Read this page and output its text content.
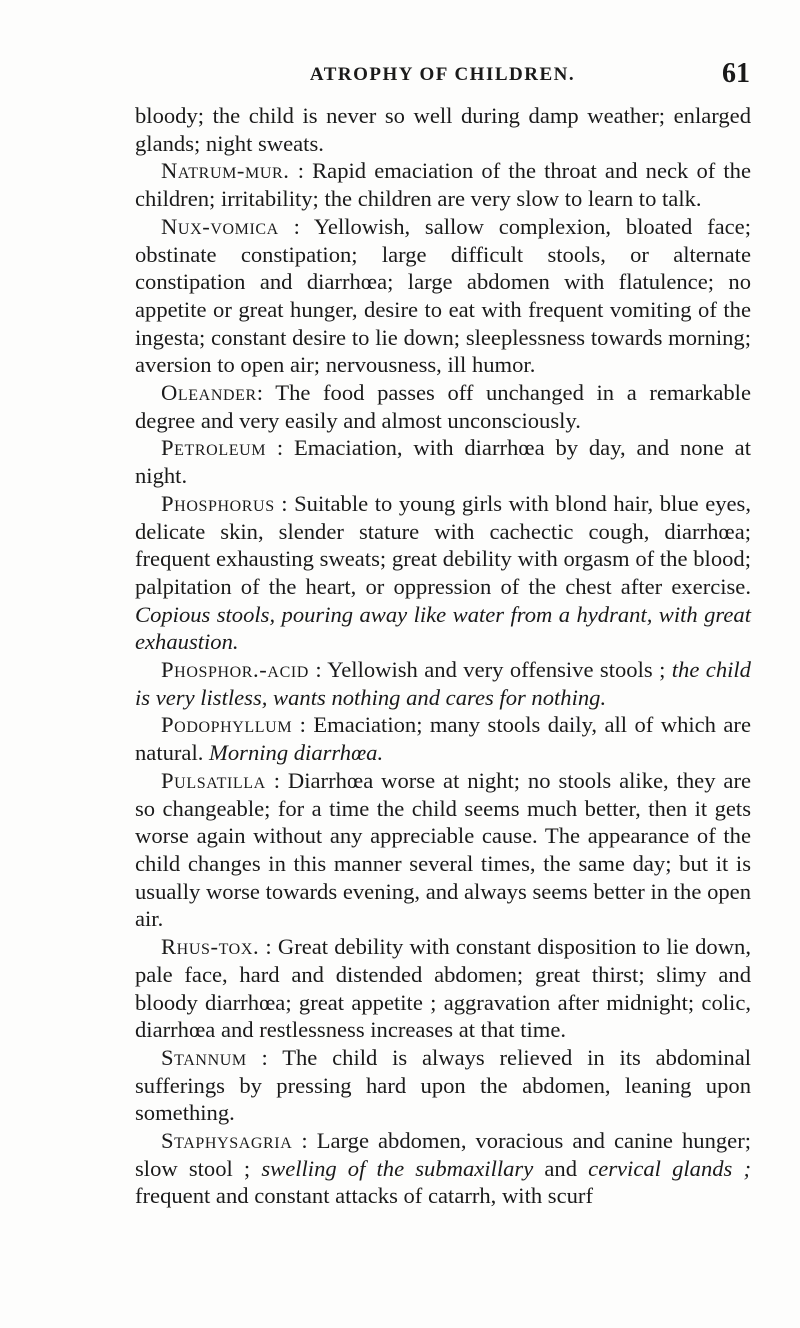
ATROPHY OF CHILDREN.	61

bloody; the child is never so well during damp weather; enlarged glands; night sweats.

Natrum-mur. : Rapid emaciation of the throat and neck of the children; irritability; the children are very slow to learn to talk.

Nux-vomica : Yellowish, sallow complexion, bloated face; obstinate constipation; large difficult stools, or alternate constipation and diarrhœa; large abdomen with flatulence; no appetite or great hunger, desire to eat with frequent vomiting of the ingesta; constant desire to lie down; sleeplessness towards morning; aversion to open air; nervousness, ill humor.

Oleander: The food passes off unchanged in a remarkable degree and very easily and almost unconsciously.

Petroleum : Emaciation, with diarrhœa by day, and none at night.

Phosphorus : Suitable to young girls with blond hair, blue eyes, delicate skin, slender stature with cachectic cough, diarrhœa; frequent exhausting sweats; great debility with orgasm of the blood; palpitation of the heart, or oppression of the chest after exercise. Copious stools, pouring away like water from a hydrant, with great exhaustion.

Phosphor.-acid : Yellowish and very offensive stools ; the child is very listless, wants nothing and cares for nothing.

Podophyllum : Emaciation; many stools daily, all of which are natural. Morning diarrhœa.

Pulsatilla : Diarrhœa worse at night; no stools alike, they are so changeable; for a time the child seems much better, then it gets worse again without any appreciable cause. The appearance of the child changes in this manner several times, the same day; but it is usually worse towards evening, and always seems better in the open air.

Rhus-tox. : Great debility with constant disposition to lie down, pale face, hard and distended abdomen; great thirst; slimy and bloody diarrhœa; great appetite ; aggravation after midnight; colic, diarrhœa and restlessness increases at that time.

Stannum : The child is always relieved in its abdominal sufferings by pressing hard upon the abdomen, leaning upon something.

Staphysagria : Large abdomen, voracious and canine hunger; slow stool ; swelling of the submaxillary and cervical glands ; frequent and constant attacks of catarrh, with scurf
